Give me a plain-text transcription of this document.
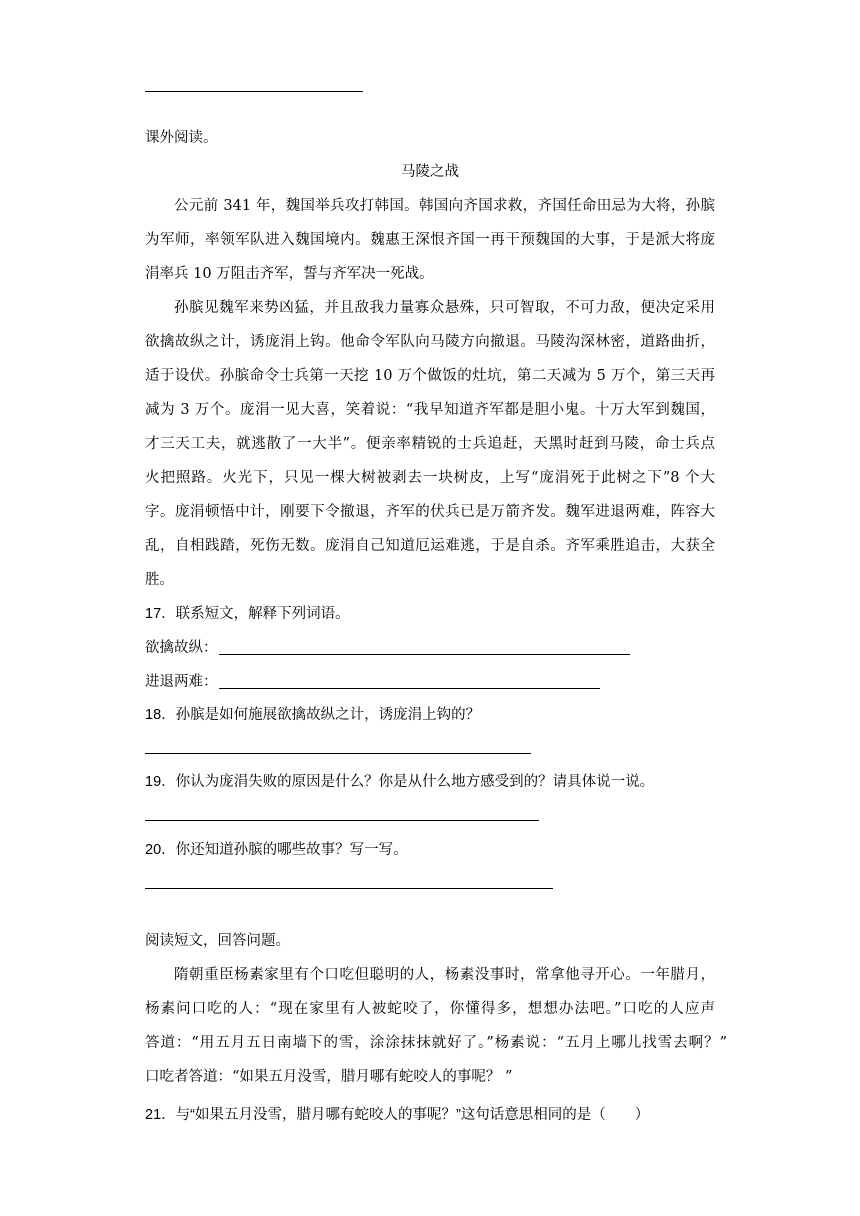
课外阅读。
马陵之战
公元前 341 年，魏国举兵攻打韩国。韩国向齐国求救，齐国任命田忌为大将，孙膑
为军师，率领军队进入魏国境内。魏惠王深恨齐国一再干预魏国的大事，于是派大将庞
涓率兵 10 万阻击齐军，誓与齐军决一死战。
孙膑见魏军来势凶猛，并且敌我力量寡众悬殊，只可智取，不可力敌，便决定采用
欲擒故纵之计，诱庞涓上钩。他命令军队向马陵方向撤退。马陵沟深林密，道路曲折，
适于设伏。孙膑命令士兵第一天挖 10 万个做饭的灶坑，第二天减为 5 万个，第三天再
减为 3 万个。庞涓一见大喜，笑着说：“我早知道齐军都是胆小鬼。十万大军到魏国，
才三天工夫，就逃散了一大半”。便亲率精锐的士兵追赶，天黑时赶到马陵，命士兵点
火把照路。火光下，只见一棵大树被剥去一块树皮，上写“庞涓死于此树之下”8 个大
字。庞涓顿悟中计，刚要下令撤退，齐军的伏兵已是万箭齐发。魏军进退两难，阵容大
乱，自相践踏，死伤无数。庞涓自己知道厄运难逃，于是自杀。齐军乘胜追击，大获全
胜。
17．联系短文，解释下列词语。
欲擒故纵：
进退两难：
18．孙膑是如何施展欲擒故纵之计，诱庞涓上钩的？
19．你认为庞涓失败的原因是什么？你是从什么地方感受到的？请具体说一说。
20．你还知道孙膑的哪些故事？写一写。
阅读短文，回答问题。
隋朝重臣杨素家里有个口吃但聪明的人，杨素没事时，常拿他寻开心。一年腊月，
杨素问口吃的人：“现在家里有人被蛇咬了，你懂得多，想想办法吧。”口吃的人应声
答道：“用五月五日南墙下的雪，涂涂抹抹就好了。”杨素说：“五月上哪儿找雪去啊？”
口吃者答道：“如果五月没雪，腊月哪有蛇咬人的事呢？ ”
21．与“如果五月没雪，腊月哪有蛇咬人的事呢？”这句话意思相同的是（　　）
